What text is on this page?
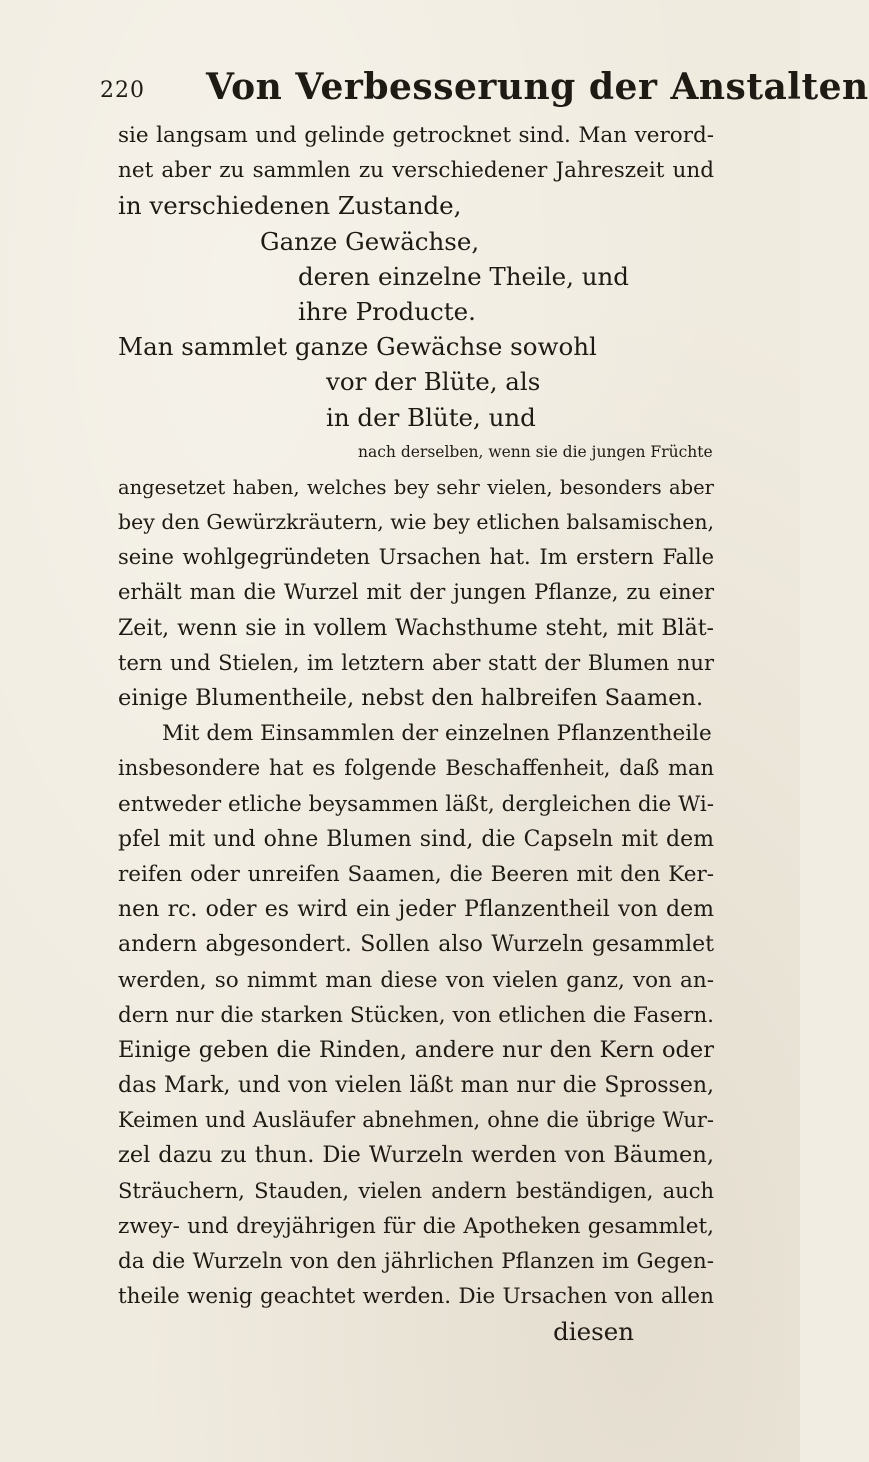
220 Von Verbesserung der Anstalten
sie langsam und gelinde getrocknet sind. Man verord-
net aber zu sammlen zu verschiedener Jahreszeit und
in verschiedenen Zustande,
Ganze Gewächse,
deren einzelne Theile, und
ihre Producte.
Man sammlet ganze Gewächse sowohl
vor der Blüte, als
in der Blüte, und
nach derselben, wenn sie die jungen Früchte
angesetzet haben, welches bey sehr vielen, besonders aber
bey den Gewürzkräutern, wie bey etlichen balsamischen,
seine wohlgegründeten Ursachen hat. Im erstern Falle
erhält man die Wurzel mit der jungen Pflanze, zu einer
Zeit, wenn sie in vollem Wachsthume steht, mit Blät-
tern und Stielen, im letztern aber statt der Blumen nur
einige Blumentheile, nebst den halbreifen Saamen.
Mit dem Einsammlen der einzelnen Pflanzentheile
insbesondere hat es folgende Beschaffenheit, daß man
entweder etliche beysammen läßt, dergleichen die Wi-
pfel mit und ohne Blumen sind, die Capseln mit dem
reifen oder unreifen Saamen, die Beeren mit den Ker-
nen rc. oder es wird ein jeder Pflanzentheil von dem
andern abgesondert. Sollen also Wurzeln gesammlet
werden, so nimmt man diese von vielen ganz, von an-
dern nur die starken Stücken, von etlichen die Fasern.
Einige geben die Rinden, andere nur den Kern oder
das Mark, und von vielen läßt man nur die Sprossen,
Keimen und Ausläufer abnehmen, ohne die übrige Wur-
zel dazu zu thun. Die Wurzeln werden von Bäumen,
Sträuchern, Stauden, vielen andern beständigen, auch
zwey- und dreyjährigen für die Apotheken gesammlet,
da die Wurzeln von den jährlichen Pflanzen im Gegen-
theile wenig geachtet werden. Die Ursachen von allen
diesen
